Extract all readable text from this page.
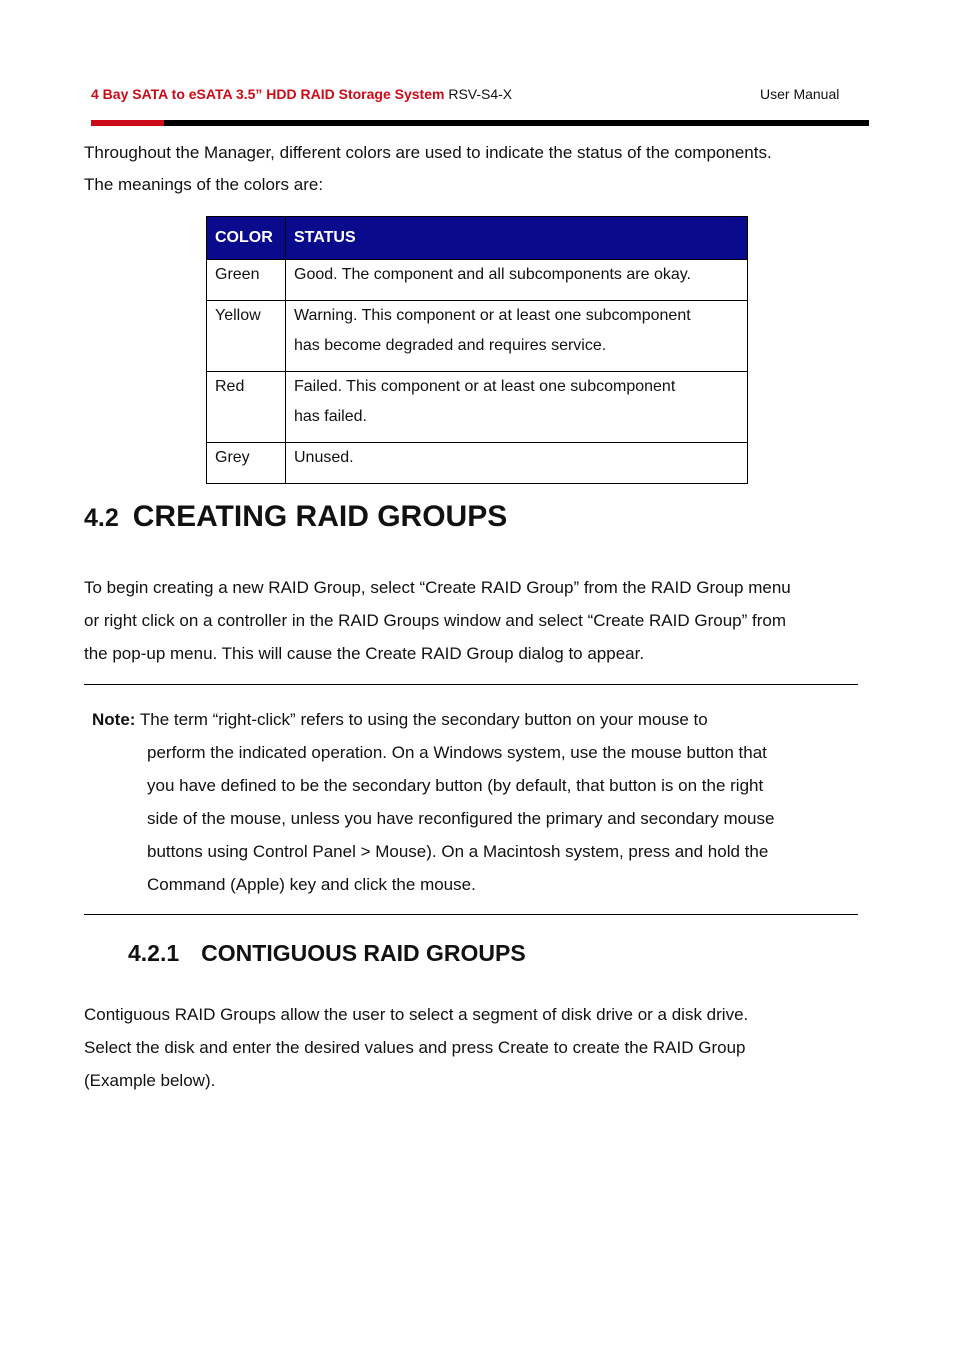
4 Bay SATA to eSATA 3.5” HDD RAID Storage System RSV-S4-X	User Manual
Throughout the Manager, different colors are used to indicate the status of the components.
The meanings of the colors are:
COLOR	STATUS
Green	Good. The component and all subcomponents are okay.

Yellow	Warning. This component or at least one subcomponent
has become degraded and requires service.

Red	Failed. This component or at least one subcomponent
has failed.

Grey	Unused.
4.2 CREATING RAID GROUPS
To begin creating a new RAID Group, select “Create RAID Group” from the RAID Group menu
or right click on a controller in the RAID Groups window and select “Create RAID Group” from
the pop-up menu. This will cause the Create RAID Group dialog to appear.
Note: The term “right-click” refers to using the secondary button on your mouse to
perform the indicated operation. On a Windows system, use the mouse button that
you have defined to be the secondary button (by default, that button is on the right
side of the mouse, unless you have reconfigured the primary and secondary mouse
buttons using Control Panel > Mouse). On a Macintosh system, press and hold the
Command (Apple) key and click the mouse.
4.2.1 CONTIGUOUS RAID GROUPS
Contiguous RAID Groups allow the user to select a segment of disk drive or a disk drive.
Select the disk and enter the desired values and press Create to create the RAID Group
(Example below).
